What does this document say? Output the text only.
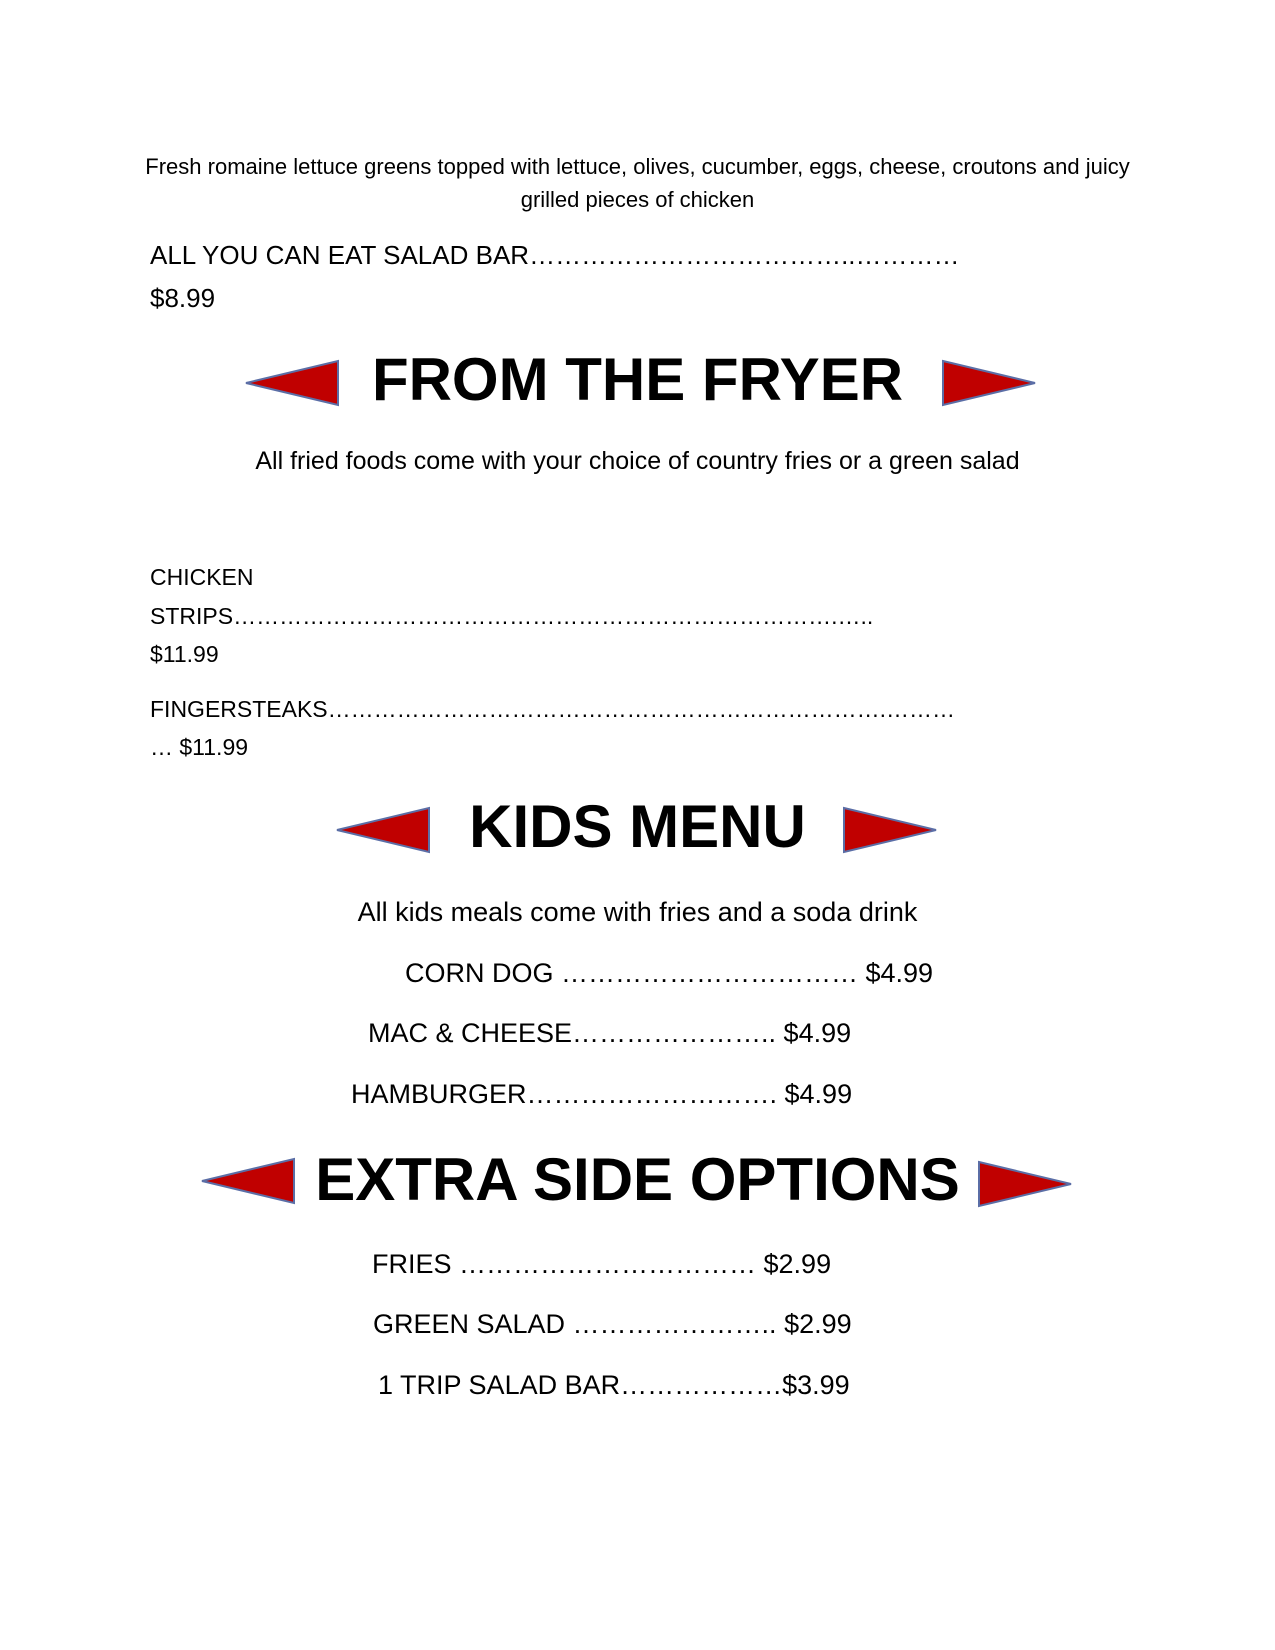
Fresh romaine lettuce greens topped with lettuce, olives, cucumber, eggs, cheese, croutons and juicy grilled pieces of chicken
ALL YOU CAN EAT SALAD BAR………………………………..…………
$8.99
FROM THE FRYER
All fried foods come with your choice of country fries or a green salad
CHICKEN
STRIPS…………………………………………………………………….…..
$11.99
FINGERSTEAKS……………………………………………………………….………
… $11.99
KIDS MENU
All kids meals come with fries and a soda drink
CORN DOG …………………………… $4.99
MAC & CHEESE………………….. $4.99
HAMBURGER………………………. $4.99
EXTRA SIDE OPTIONS
FRIES …………………………… $2.99
GREEN SALAD ………………….. $2.99
1 TRIP SALAD BAR………………$3.99
